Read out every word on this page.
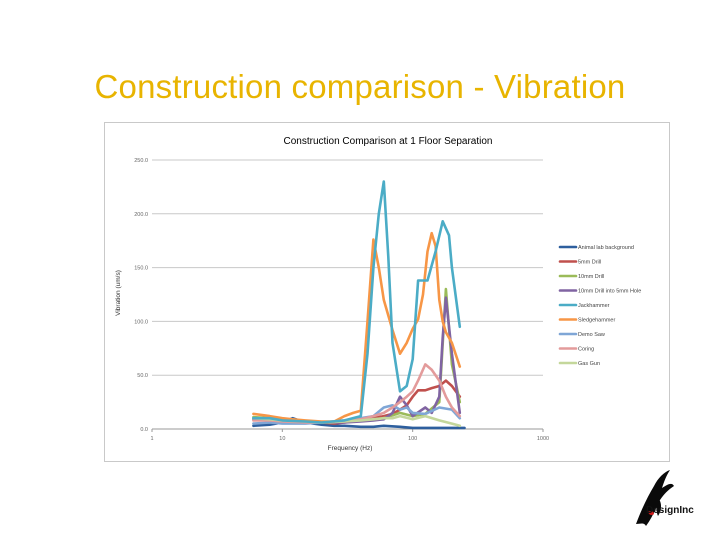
Construction comparison - Vibration
Construction Comparison at 1 Floor Separation
0.0
50.0
100.0
150.0
200.0
250.0
1	10	100	1000
Animal lab background
5mm Drill
10mm Drill
10mm Drill into 5mm Hole
Jackhammer
Sledgehammer
Demo Saw
Coring
Gas Gun
Frequency (Hz)
Vibration (um/s)
DesignInc
